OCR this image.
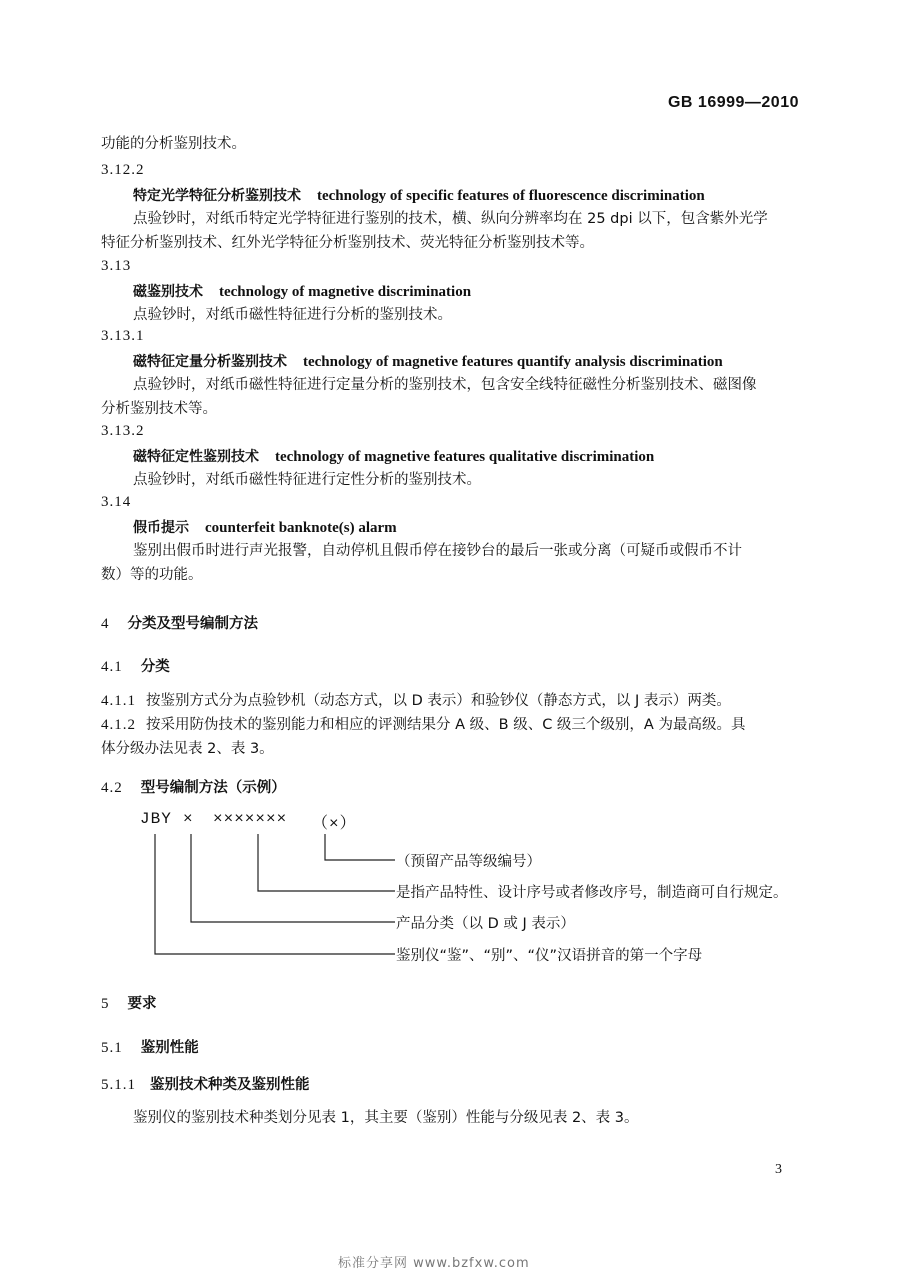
GB 16999—2010
功能的分析鉴别技术。
3.12.2
特定光学特征分析鉴别技术 technology of specific features of fluorescence discrimination
点验钞时，对纸币特定光学特征进行鉴别的技术，横、纵向分辨率均在 25 dpi 以下，包含紫外光学
特征分析鉴别技术、红外光学特征分析鉴别技术、荧光特征分析鉴别技术等。
3.13
磁鉴别技术 technology of magnetive discrimination
点验钞时，对纸币磁性特征进行分析的鉴别技术。
3.13.1
磁特征定量分析鉴别技术 technology of magnetive features quantify analysis discrimination
点验钞时，对纸币磁性特征进行定量分析的鉴别技术，包含安全线特征磁性分析鉴别技术、磁图像
分析鉴别技术等。
3.13.2
磁特征定性鉴别技术 technology of magnetive features qualitative discrimination
点验钞时，对纸币磁性特征进行定性分析的鉴别技术。
3.14
假币提示 counterfeit banknote(s) alarm
鉴别出假币时进行声光报警，自动停机且假币停在接钞台的最后一张或分离（可疑币或假币不计
数）等的功能。
4 分类及型号编制方法
4.1 分类
4.1.1 按鉴别方式分为点验钞机（动态方式，以 D 表示）和验钞仪（静态方式，以 J 表示）两类。
4.1.2 按采用防伪技术的鉴别能力和相应的评测结果分 A 级、B 级、C 级三个级别，A 为最高级。具
体分级办法见表 2、表 3。
4.2 型号编制方法（示例）
JBY × ××××××× （×）
（预留产品等级编号）
是指产品特性、设计序号或者修改序号，制造商可自行规定。
产品分类（以 D 或 J 表示）
鉴别仪“鉴”、“别”、“仪”汉语拼音的第一个字母
5 要求
5.1 鉴别性能
5.1.1 鉴别技术种类及鉴别性能
鉴别仪的鉴别技术种类划分见表 1，其主要（鉴别）性能与分级见表 2、表 3。
3
标准分享网 www.bzfxw.com
